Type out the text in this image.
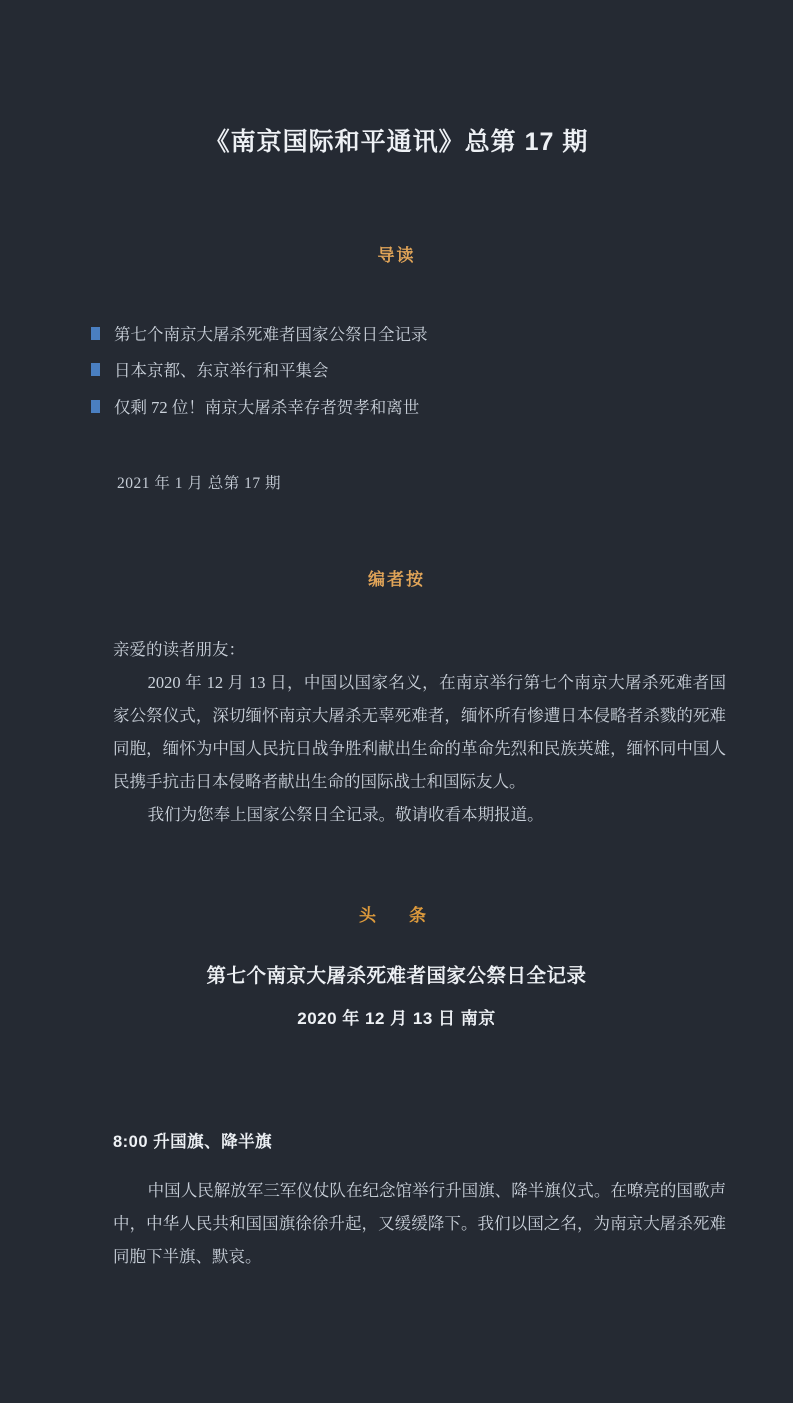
《南京国际和平通讯》总第 17 期
导读
第七个南京大屠杀死难者国家公祭日全记录
日本京都、东京举行和平集会
仅剩 72 位！南京大屠杀幸存者贺孝和离世
2021 年 1 月 总第 17 期
编者按

亲爱的读者朋友：

2020 年 12 月 13 日，中国以国家名义，在南京举行第七个南京大屠杀死难者国家公祭仪式，深切缅怀南京大屠杀无辜死难者，缅怀所有惨遭日本侵略者杀戮的死难同胞，缅怀为中国人民抗日战争胜利献出生命的革命先烈和民族英雄，缅怀同中国人民携手抗击日本侵略者献出生命的国际战士和国际友人。

我们为您奉上国家公祭日全记录。敬请收看本期报道。

头　条
第七个南京大屠杀死难者国家公祭日全记录
2020 年 12 月 13 日 南京
8:00 升国旗、降半旗

中国人民解放军三军仪仗队在纪念馆举行升国旗、降半旗仪式。在嘹亮的国歌声中，中华人民共和国国旗徐徐升起，又缓缓降下。我们以国之名，为南京大屠杀死难同胞下半旗、默哀。
